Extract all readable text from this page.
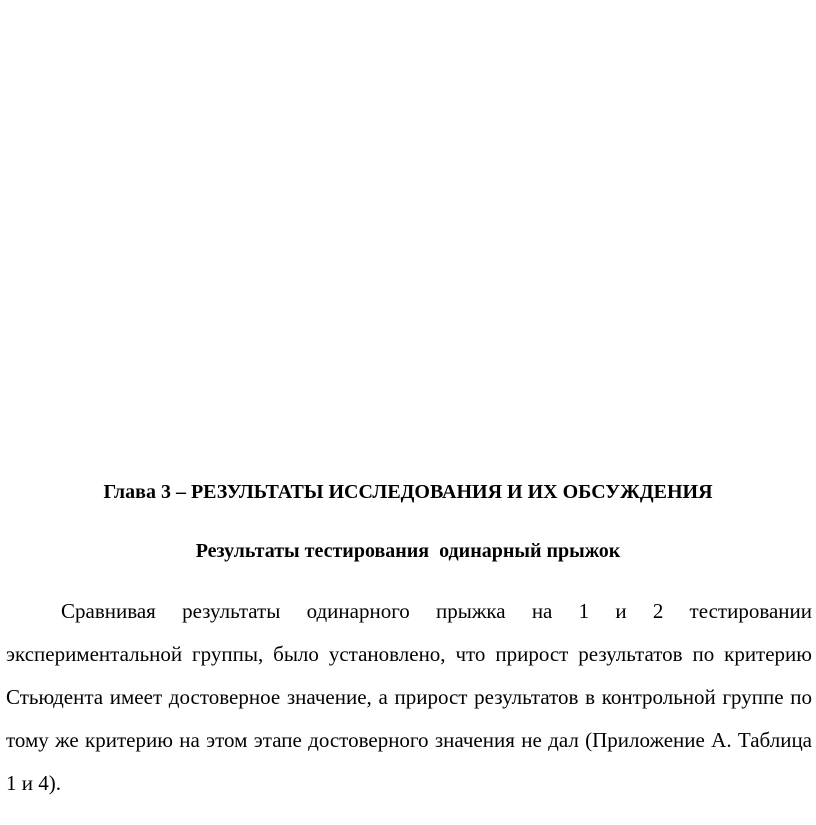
Глава 3 – РЕЗУЛЬТАТЫ ИССЛЕДОВАНИЯ И ИХ ОБСУЖДЕНИЯ
Результаты тестирования  одинарный прыжок

Сравнивая результаты одинарного прыжка на 1 и 2 тестировании экспериментальной группы, было установлено, что прирост результатов по критерию Стьюдента имеет достоверное значение, а прирост результатов в контрольной группе по тому же критерию на этом этапе достоверного значения не дал (Приложение А. Таблица 1 и 4).
